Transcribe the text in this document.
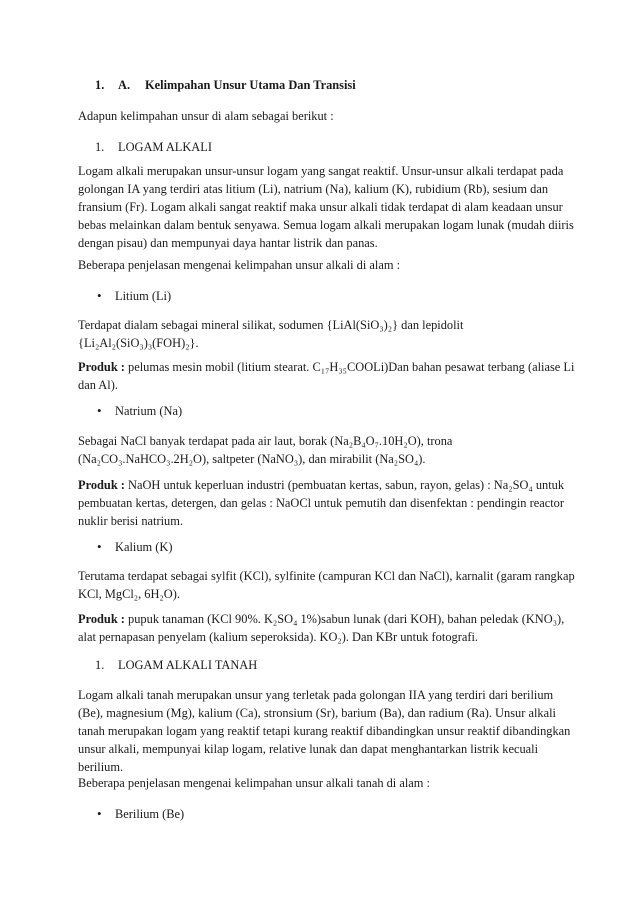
1. A. Kelimpahan Unsur Utama Dan Transisi

Adapun kelimpahan unsur di alam sebagai berikut :

1. LOGAM ALKALI

Logam alkali merupakan unsur-unsur logam yang sangat reaktif. Unsur-unsur alkali terdapat pada golongan IA yang terdiri atas litium (Li), natrium (Na), kalium (K), rubidium (Rb), sesium dan fransium (Fr). Logam alkali sangat reaktif maka unsur alkali tidak terdapat di alam keadaan unsur bebas melainkan dalam bentuk senyawa. Semua logam alkali merupakan logam lunak (mudah diiris dengan pisau) dan mempunyai daya hantar listrik dan panas.

Beberapa penjelasan mengenai kelimpahan unsur alkali di alam :

• Litium (Li)

Terdapat dialam sebagai mineral silikat, sodumen {LiAl(SiO₃)₂} dan lepidolit {Li₂Al₂(SiO₃)₃(FOH)₂}.

Produk : pelumas mesin mobil (litium stearat. C₁₇H₃₅COOLi)Dan bahan pesawat terbang (aliase Li dan Al).

• Natrium (Na)

Sebagai NaCl banyak terdapat pada air laut, borak (Na₂B₄O₇.10H₂O), trona (Na₂CO₃.NaHCO₃.2H₂O), saltpeter (NaNO₃), dan mirabilit (Na₂SO₄).

Produk : NaOH untuk keperluan industri (pembuatan kertas, sabun, rayon, gelas) : Na₂SO₄ untuk pembuatan kertas, detergen, dan gelas : NaOCl untuk pemutih dan disenfektan : pendingin reactor nuklir berisi natrium.

• Kalium (K)

Terutama terdapat sebagai sylfit (KCl), sylfinite (campuran KCl dan NaCl), karnalit (garam rangkap KCl, MgCl₂, 6H₂O).

Produk : pupuk tanaman (KCl 90%. K₂SO₄ 1%)sabun lunak (dari KOH), bahan peledak (KNO₃), alat pernapasan penyelam (kalium seperoksida). KO₂). Dan KBr untuk fotografi.

1. LOGAM ALKALI TANAH

Logam alkali tanah merupakan unsur yang terletak pada golongan IIA yang terdiri dari berilium (Be), magnesium (Mg), kalium (Ca), stronsium (Sr), barium (Ba), dan radium (Ra). Unsur alkali tanah merupakan logam yang reaktif tetapi kurang reaktif dibandingkan unsur reaktif dibandingkan unsur alkali, mempunyai kilap logam, relative lunak dan dapat menghantarkan listrik kecuali berilium.

Beberapa penjelasan mengenai kelimpahan unsur alkali tanah di alam :

• Berilium (Be)
